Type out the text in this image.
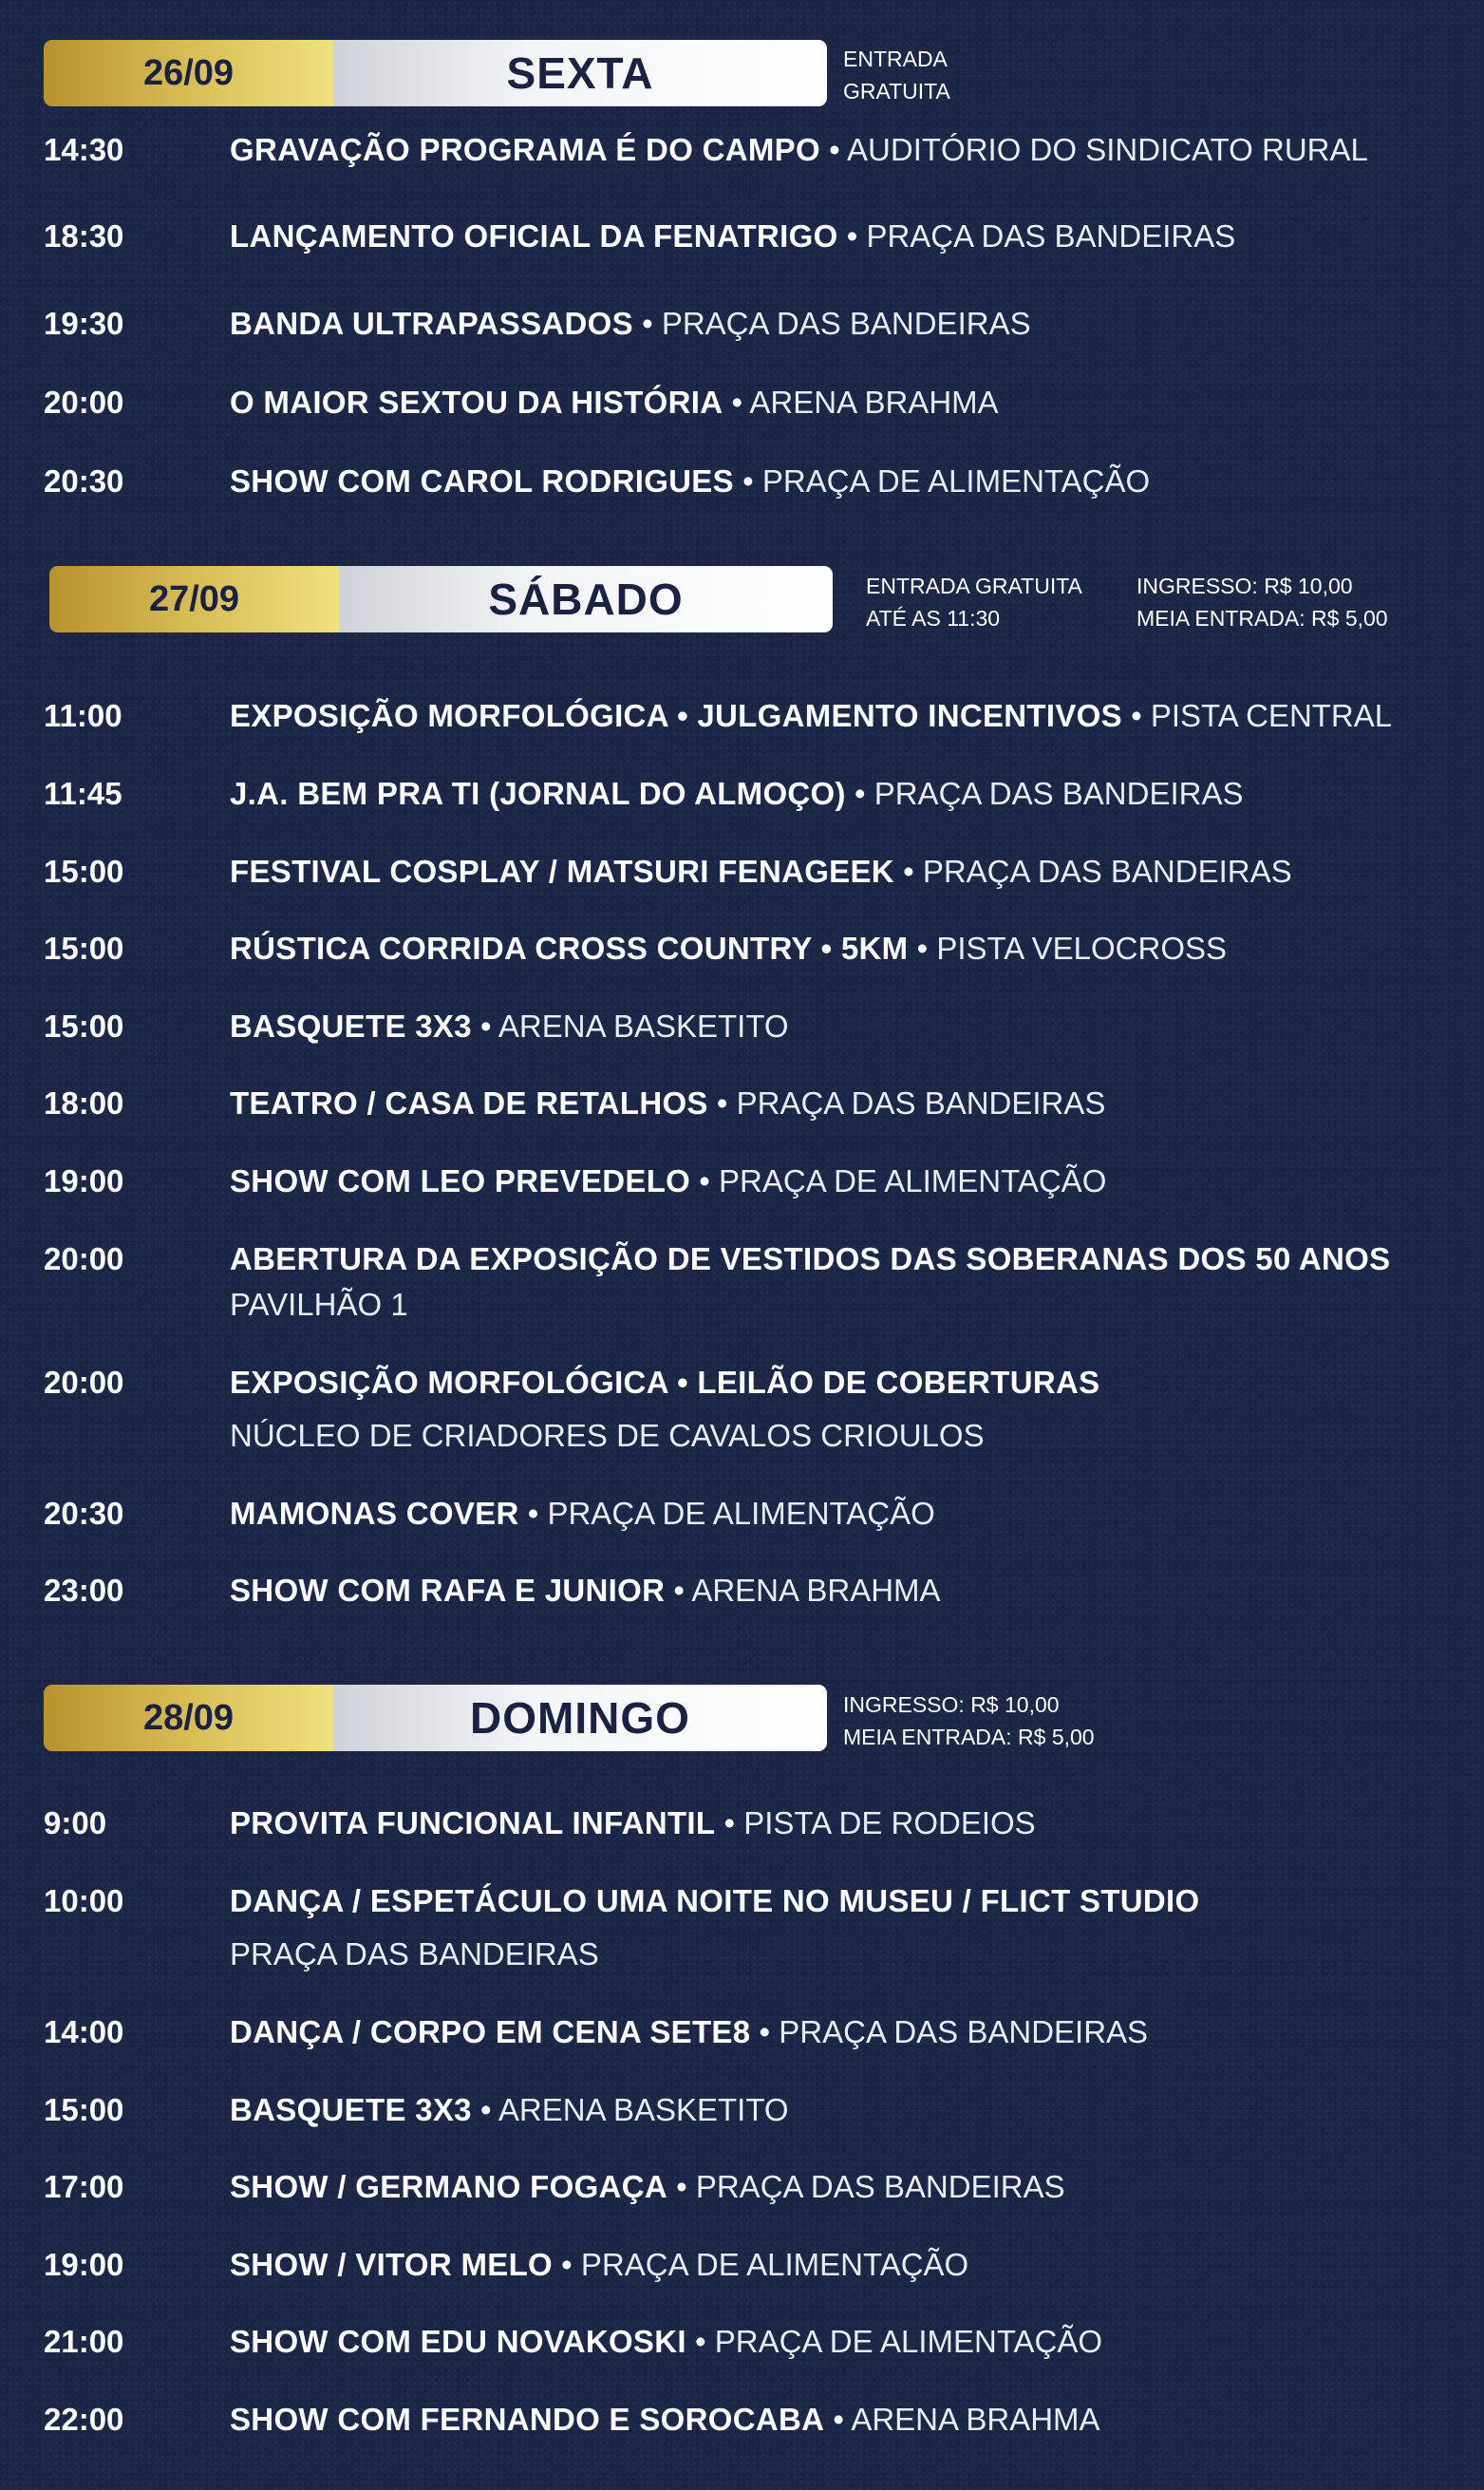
26/09	SEXTA	ENTRADA
GRATUITA
14:30	GRAVAÇÃO PROGRAMA É DO CAMPO • AUDITÓRIO DO SINDICATO RURAL
18:30	LANÇAMENTO OFICIAL DA FENATRIGO • PRAÇA DAS BANDEIRAS
19:30	BANDA ULTRAPASSADOS • PRAÇA DAS BANDEIRAS
20:00	O MAIOR SEXTOU DA HISTÓRIA • ARENA BRAHMA
20:30	SHOW COM CAROL RODRIGUES • PRAÇA DE ALIMENTAÇÃO
27/09	SÁBADO	ENTRADA GRATUITA
ATÉ AS 11:30
INGRESSO: R$ 10,00
MEIA ENTRADA: R$ 5,00
11:00	EXPOSIÇÃO MORFOLÓGICA • JULGAMENTO INCENTIVOS • PISTA CENTRAL
11:45	J.A. BEM PRA TI (JORNAL DO ALMOÇO) • PRAÇA DAS BANDEIRAS
15:00	FESTIVAL COSPLAY / MATSURI FENAGEEK • PRAÇA DAS BANDEIRAS
15:00	RÚSTICA CORRIDA CROSS COUNTRY • 5KM • PISTA VELOCROSS
15:00	BASQUETE 3X3 • ARENA BASKETITO
18:00	TEATRO / CASA DE RETALHOS • PRAÇA DAS BANDEIRAS
19:00	SHOW COM LEO PREVEDELO • PRAÇA DE ALIMENTAÇÃO
20:00	ABERTURA DA EXPOSIÇÃO DE VESTIDOS DAS SOBERANAS DOS 50 ANOS
PAVILHÃO 1
20:00	EXPOSIÇÃO MORFOLÓGICA • LEILÃO DE COBERTURAS
NÚCLEO DE CRIADORES DE CAVALOS CRIOULOS
20:30	MAMONAS COVER • PRAÇA DE ALIMENTAÇÃO
23:00	SHOW COM RAFA E JUNIOR • ARENA BRAHMA
28/09	DOMINGO	INGRESSO: R$ 10,00
MEIA ENTRADA: R$ 5,00
9:00	PROVITA FUNCIONAL INFANTIL • PISTA DE RODEIOS
10:00	DANÇA / ESPETÁCULO UMA NOITE NO MUSEU / FLICT STUDIO
PRAÇA DAS BANDEIRAS
14:00	DANÇA / CORPO EM CENA SETE8 • PRAÇA DAS BANDEIRAS
15:00	BASQUETE 3X3 • ARENA BASKETITO
17:00	SHOW / GERMANO FOGAÇA • PRAÇA DAS BANDEIRAS
19:00	SHOW / VITOR MELO • PRAÇA DE ALIMENTAÇÃO
21:00	SHOW COM EDU NOVAKOSKI • PRAÇA DE ALIMENTAÇÃO
22:00	SHOW COM FERNANDO E SOROCABA • ARENA BRAHMA
